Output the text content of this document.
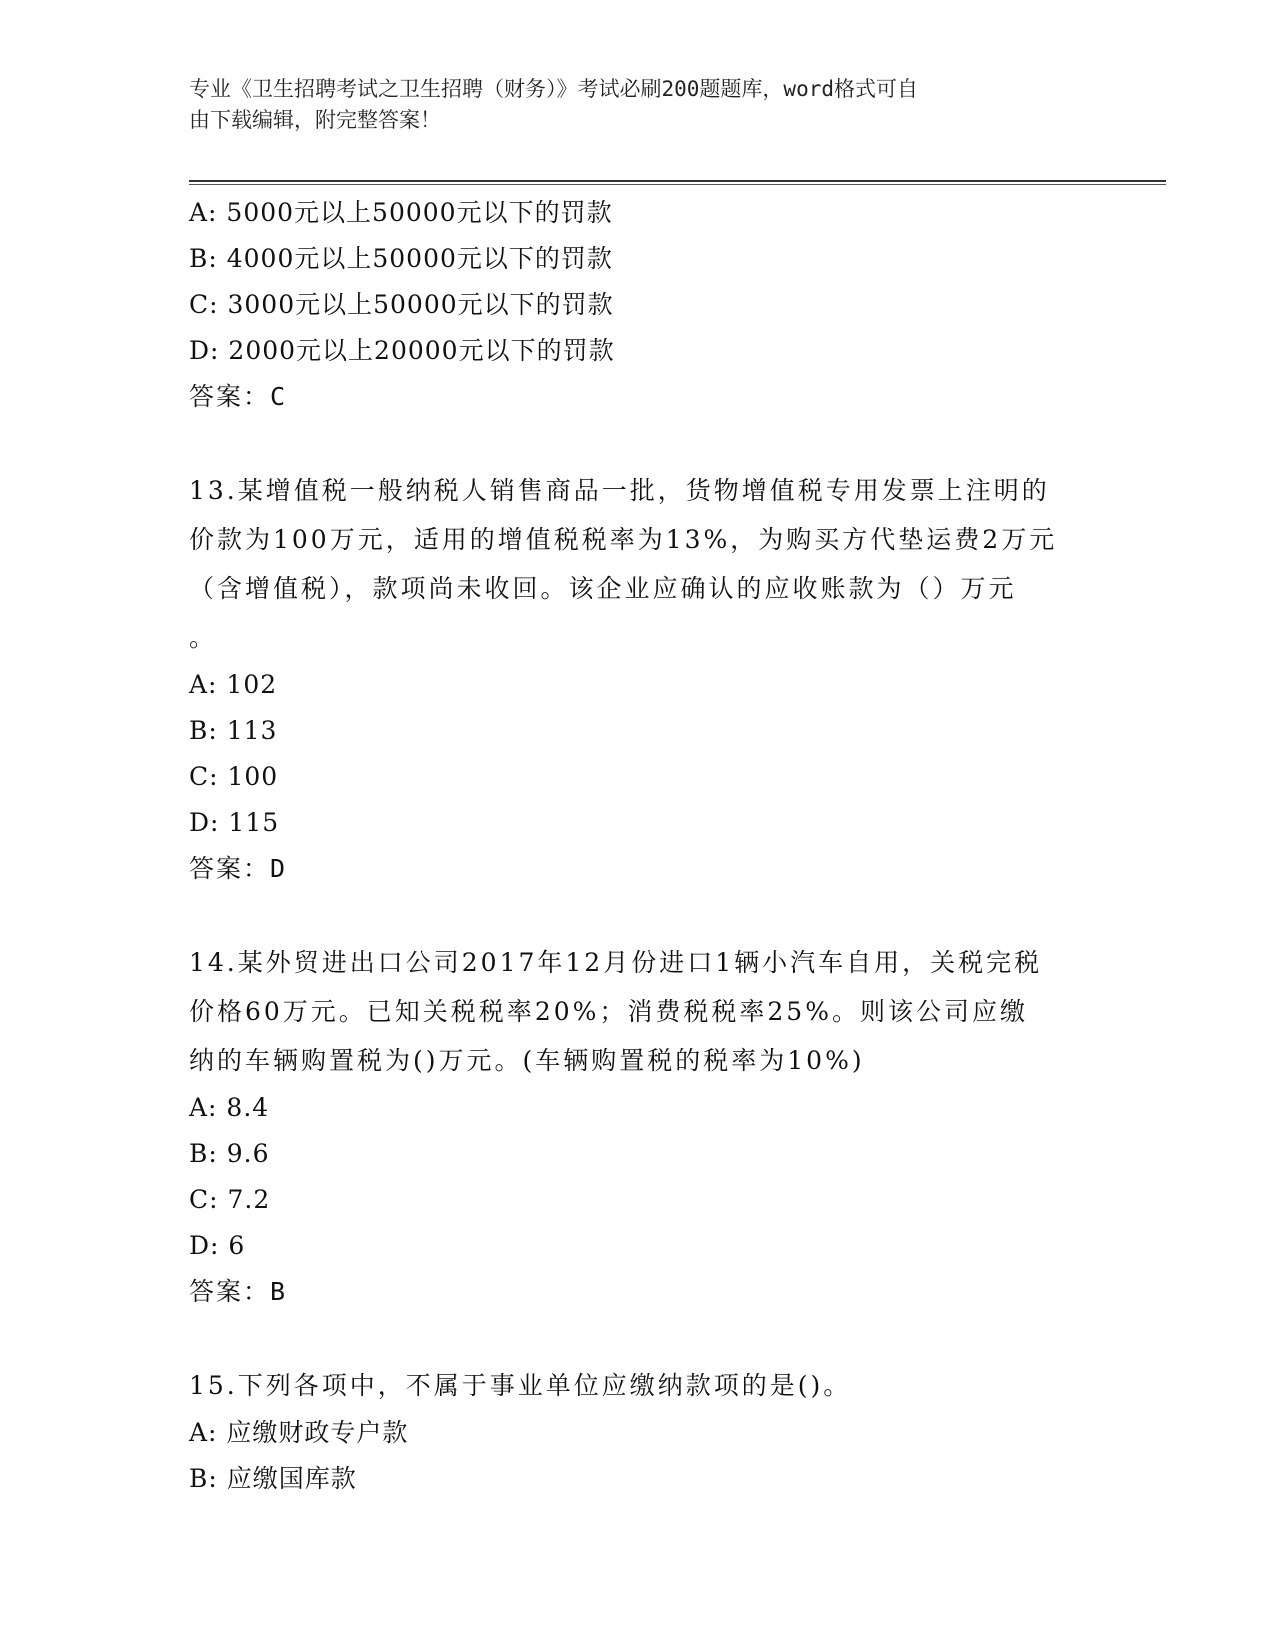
专业《卫生招聘考试之卫生招聘（财务）》考试必刷200题题库，word格式可自
由下载编辑，附完整答案！
A: 5000元以上50000元以下的罚款
B: 4000元以上50000元以下的罚款
C: 3000元以上50000元以下的罚款
D: 2000元以上20000元以下的罚款
答案：C
13.某增值税一般纳税人销售商品一批，货物增值税专用发票上注明的
价款为100万元，适用的增值税税率为13%，为购买方代垫运费2万元
（含增值税），款项尚未收回。该企业应确认的应收账款为（）万元
。
A: 102
B: 113
C: 100
D: 115
答案：D
14.某外贸进出口公司2017年12月份进口1辆小汽车自用，关税完税
价格60万元。已知关税税率20%；消费税税率25%。则该公司应缴
纳的车辆购置税为()万元。(车辆购置税的税率为10%)
A: 8.4
B: 9.6
C: 7.2
D: 6
答案：B
15.下列各项中，不属于事业单位应缴纳款项的是()。
A: 应缴财政专户款
B: 应缴国库款
